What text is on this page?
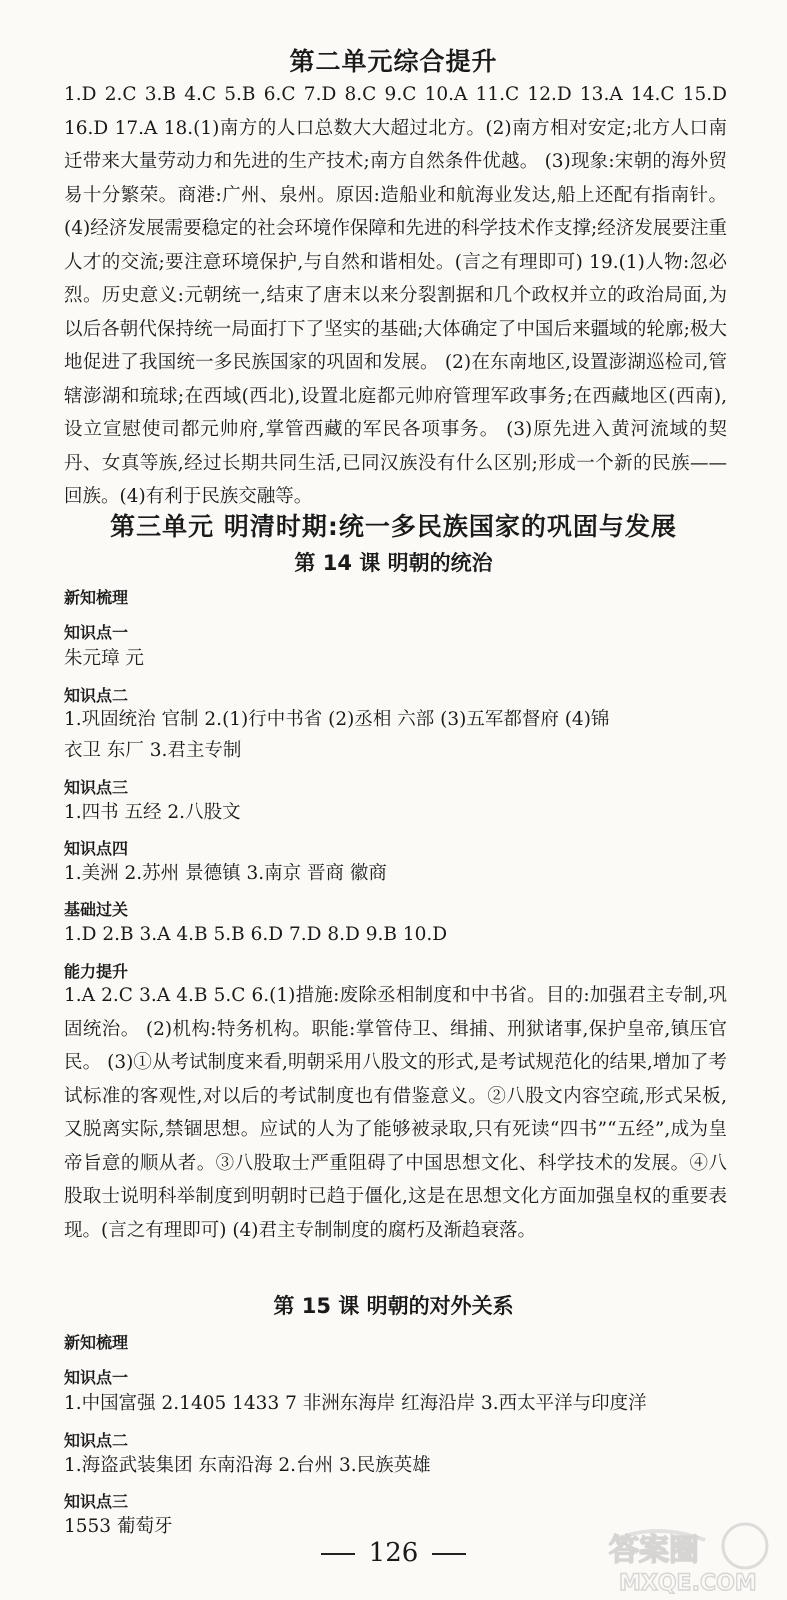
第二单元综合提升
1.D 2.C 3.B 4.C 5.B 6.C 7.D 8.C 9.C 10.A 11.C 12.D 13.A 14.C 15.D 16.D 17.A 18.(1)南方的人口总数大大超过北方。(2)南方相对安定;北方人口南迁带来大量劳动力和先进的生产技术;南方自然条件优越。 (3)现象:宋朝的海外贸易十分繁荣。商港:广州、泉州。原因:造船业和航海业发达,船上还配有指南针。 (4)经济发展需要稳定的社会环境作保障和先进的科学技术作支撑;经济发展要注重人才的交流;要注意环境保护,与自然和谐相处。(言之有理即可) 19.(1)人物:忽必烈。历史意义:元朝统一,结束了唐末以来分裂割据和几个政权并立的政治局面,为以后各朝代保持统一局面打下了坚实的基础;大体确定了中国后来疆域的轮廓;极大地促进了我国统一多民族国家的巩固和发展。 (2)在东南地区,设置澎湖巡检司,管辖澎湖和琉球;在西域(西北),设置北庭都元帅府管理军政事务;在西藏地区(西南),设立宣慰使司都元帅府,掌管西藏的军民各项事务。 (3)原先进入黄河流域的契丹、女真等族,经过长期共同生活,已同汉族没有什么区别;形成一个新的民族——回族。(4)有利于民族交融等。
第三单元 明清时期:统一多民族国家的巩固与发展
第 14 课 明朝的统治
新知梳理
知识点一
朱元璋 元
知识点二
1.巩固统治 官制 2.(1)行中书省 (2)丞相 六部 (3)五军都督府 (4)锦
衣卫 东厂 3.君主专制
知识点三
1.四书 五经 2.八股文
知识点四
1.美洲 2.苏州 景德镇 3.南京 晋商 徽商
基础过关
1.D 2.B 3.A 4.B 5.B 6.D 7.D 8.D 9.B 10.D
能力提升
1.A 2.C 3.A 4.B 5.C 6.(1)措施:废除丞相制度和中书省。目的:加强君主专制,巩固统治。 (2)机构:特务机构。职能:掌管侍卫、缉捕、刑狱诸事,保护皇帝,镇压官民。 (3)①从考试制度来看,明朝采用八股文的形式,是考试规范化的结果,增加了考试标准的客观性,对以后的考试制度也有借鉴意义。②八股文内容空疏,形式呆板,又脱离实际,禁锢思想。应试的人为了能够被录取,只有死读“四书”“五经”,成为皇帝旨意的顺从者。③八股取士严重阻碍了中国思想文化、科学技术的发展。④八股取士说明科举制度到明朝时已趋于僵化,这是在思想文化方面加强皇权的重要表现。(言之有理即可) (4)君主专制制度的腐朽及渐趋衰落。
第 15 课 明朝的对外关系
新知梳理
知识点一
1.中国富强 2.1405 1433 7 非洲东海岸 红海沿岸 3.西太平洋与印度洋
知识点二
1.海盗武装集团 东南沿海 2.台州 3.民族英雄
知识点三
1553 葡萄牙
126	答案圈
MXQE.COM
